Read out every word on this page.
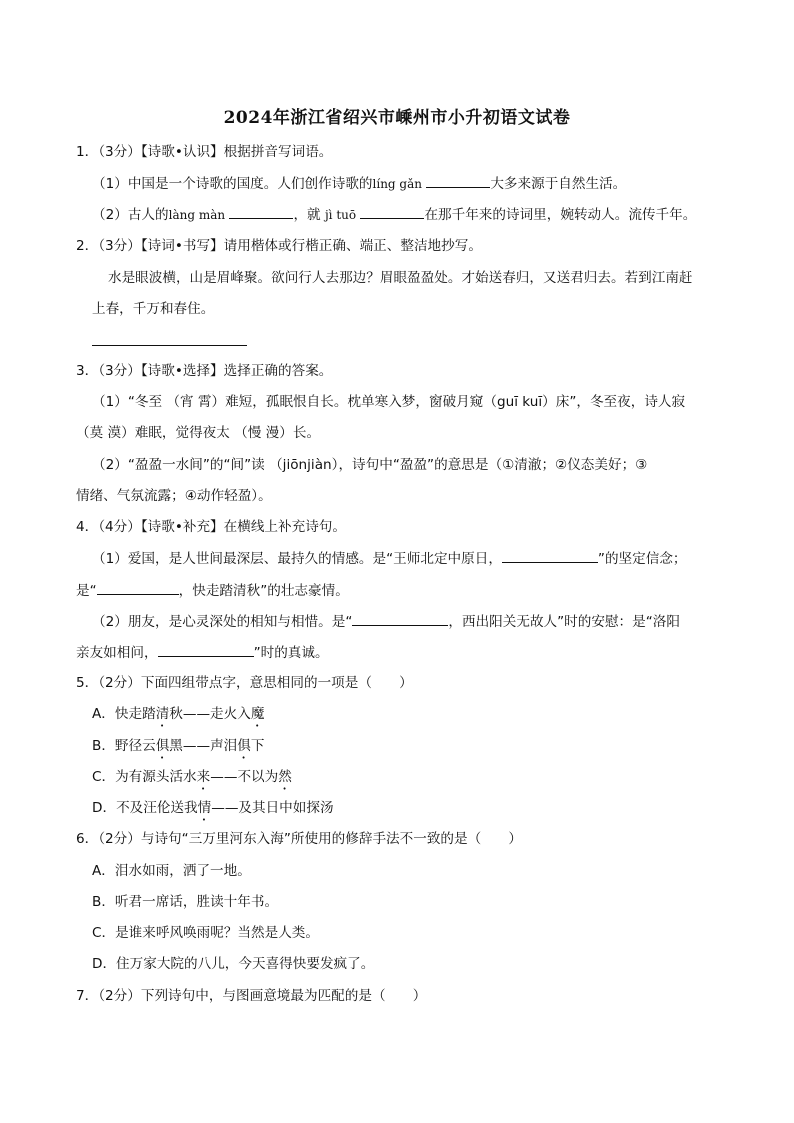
2024年浙江省绍兴市嵊州市小升初语文试卷
1．（3分）【诗歌•认识】根据拼音写词语。
（1）中国是一个诗歌的国度。人们创作诗歌的líng gǎn	大多来源于自然生活。
（2）古人的làng màn	，就 jì tuō	在那千年来的诗词里，婉转动人。流传千年。
2．（3分）【诗词•书写】请用楷体或行楷正确、端正、整洁地抄写。
水是眼波横，山是眉峰聚。欲问行人去那边？眉眼盈盈处。才始送春归，又送君归去。若到江南赶
上春，千万和春住。
3．（3分）【诗歌•选择】选择正确的答案。
（1）“冬至 （宵 霄）难短，孤眠恨自长。枕单寒入梦，窗破月窥（guī kuī）床”，冬至夜，诗人寂
（莫 漠）难眠，觉得夜太 （慢 漫）长。
（2）“盈盈一水间”的“间”读 （jiōnjiàn），诗句中“盈盈”的意思是（①清澈；②仪态美好；③
情绪、气氛流露；④动作轻盈）。
4．（4分）【诗歌•补充】在横线上补充诗句。
（1）爱国，是人世间最深层、最持久的情感。是“王师北定中原日，	”的坚定信念；
是“	，快走踏清秋”的壮志豪情。
（2）朋友，是心灵深处的相知与相惜。是“	，西出阳关无故人”时的安慰：是“洛阳
亲友如相问，	”时的真诚。
5．（2分）下面四组带点字，意思相同的一项是（　　）
A．快走踏清秋——走火入魔
B．野径云俱黑——声泪俱下
C．为有源头活水来——不以为然
D．不及汪伦送我情——及其日中如探汤
6．（2分）与诗句“三万里河东入海”所使用的修辞手法不一致的是（　　）
A．泪水如雨，洒了一地。
B．听君一席话，胜读十年书。
C．是谁来呼风唤雨呢？当然是人类。
D．住万家大院的八儿，今天喜得快要发疯了。
7．（2分）下列诗句中，与图画意境最为匹配的是（　　）
